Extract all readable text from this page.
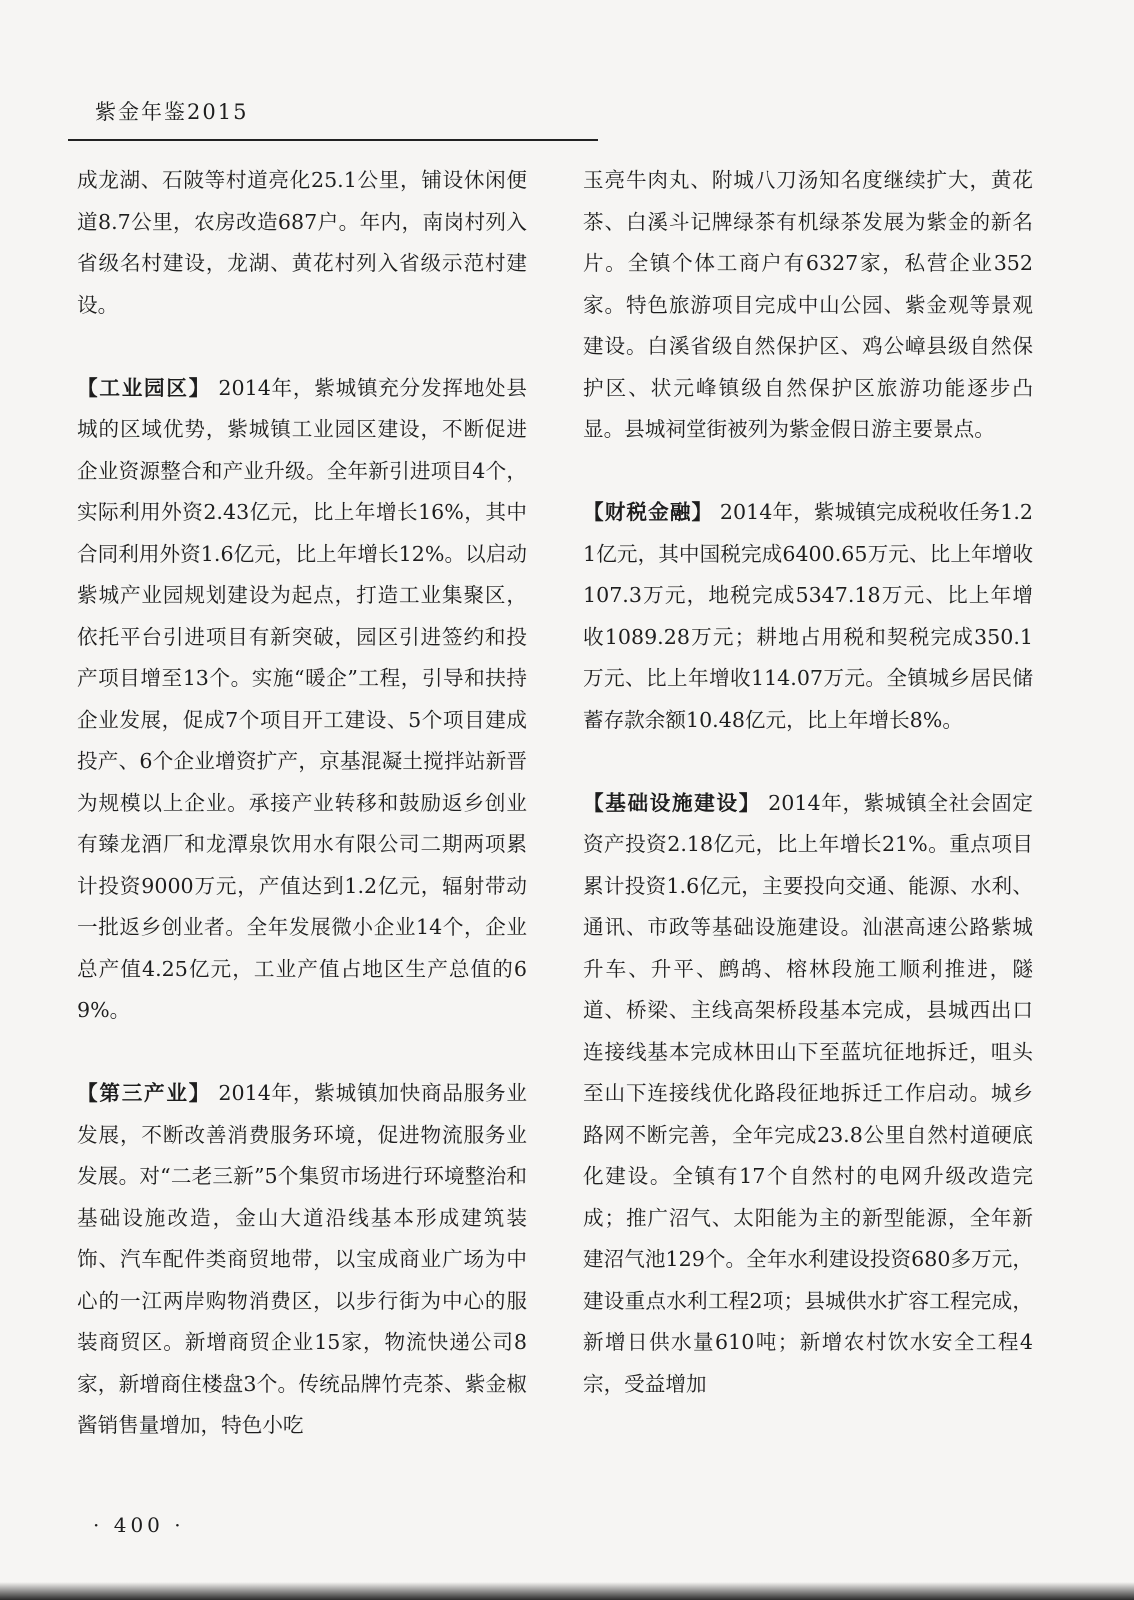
紫金年鉴2015

成龙湖、石陂等村道亮化25.1公里，铺设休闲便道8.7公里，农房改造687户。年内，南岗村列入省级名村建设，龙湖、黄花村列入省级示范村建设。

【工业园区】 2014年，紫城镇充分发挥地处县城的区域优势，紫城镇工业园区建设，不断促进企业资源整合和产业升级。全年新引进项目4个，实际利用外资2.43亿元，比上年增长16%，其中合同利用外资1.6亿元，比上年增长12%。以启动紫城产业园规划建设为起点，打造工业集聚区，依托平台引进项目有新突破，园区引进签约和投产项目增至13个。实施“暖企”工程，引导和扶持企业发展，促成7个项目开工建设、5个项目建成投产、6个企业增资扩产，京基混凝土搅拌站新晋为规模以上企业。承接产业转移和鼓励返乡创业有臻龙酒厂和龙潭泉饮用水有限公司二期两项累计投资9000万元，产值达到1.2亿元，辐射带动一批返乡创业者。全年发展微小企业14个，企业总产值4.25亿元，工业产值占地区生产总值的69%。

【第三产业】 2014年，紫城镇加快商品服务业发展，不断改善消费服务环境，促进物流服务业发展。对“二老三新”5个集贸市场进行环境整治和基础设施改造，金山大道沿线基本形成建筑装饰、汽车配件类商贸地带，以宝成商业广场为中心的一江两岸购物消费区，以步行街为中心的服装商贸区。新增商贸企业15家，物流快递公司8家，新增商住楼盘3个。传统品牌竹壳茶、紫金椒酱销售量增加，特色小吃

玉亮牛肉丸、附城八刀汤知名度继续扩大，黄花茶、白溪斗记牌绿茶有机绿茶发展为紫金的新名片。全镇个体工商户有6327家，私营企业352家。特色旅游项目完成中山公园、紫金观等景观建设。白溪省级自然保护区、鸡公嶂县级自然保护区、状元峰镇级自然保护区旅游功能逐步凸显。县城祠堂街被列为紫金假日游主要景点。

【财税金融】 2014年，紫城镇完成税收任务1.21亿元，其中国税完成6400.65万元、比上年增收107.3万元，地税完成5347.18万元、比上年增收1089.28万元；耕地占用税和契税完成350.1万元、比上年增收114.07万元。全镇城乡居民储蓄存款余额10.48亿元，比上年增长8%。

【基础设施建设】 2014年，紫城镇全社会固定资产投资2.18亿元，比上年增长21%。重点项目累计投资1.6亿元，主要投向交通、能源、水利、通讯、市政等基础设施建设。汕湛高速公路紫城升车、升平、鹧鸪、榕林段施工顺利推进，隧道、桥梁、主线高架桥段基本完成，县城西出口连接线基本完成林田山下至蓝坑征地拆迁，咀头至山下连接线优化路段征地拆迁工作启动。城乡路网不断完善，全年完成23.8公里自然村道硬底化建设。全镇有17个自然村的电网升级改造完成；推广沼气、太阳能为主的新型能源，全年新建沼气池129个。全年水利建设投资680多万元，建设重点水利工程2项；县城供水扩容工程完成，新增日供水量610吨；新增农村饮水安全工程4宗，受益增加

· 400 ·
